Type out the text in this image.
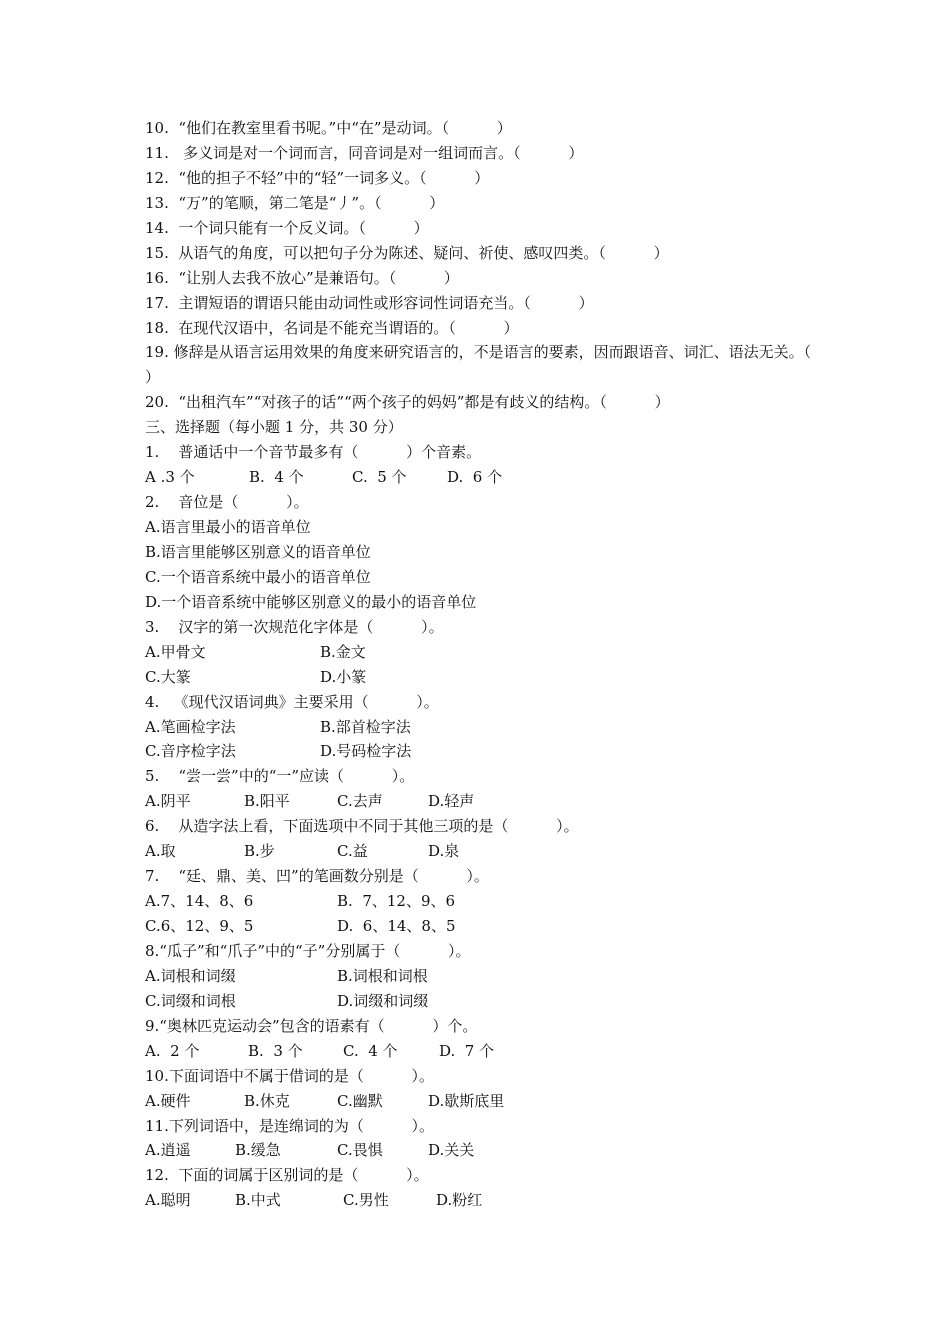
10.  “他们在教室里看书呢。”中“在”是动词。（          ）
11.   多义词是对一个词而言，同音词是对一组词而言。（          ）
12.  “他的担子不轻”中的“轻”一词多义。（          ）
13.  “万”的笔顺，第二笔是“丿”。（          ）
14.  一个词只能有一个反义词。（          ）
15.  从语气的角度，可以把句子分为陈述、疑问、祈使、感叹四类。（          ）
16.  “让别人去我不放心”是兼语句。（          ）
17.  主谓短语的谓语只能由动词性或形容词性词语充当。（          ）
18.  在现代汉语中，名词是不能充当谓语的。（          ）
19. 修辞是从语言运用效果的角度来研究语言的，不是语言的要素，因而跟语音、词汇、语法无关。（ ）
20.  “出租汽车”“对孩子的话”“两个孩子的妈妈”都是有歧义的结构。（          ）
三、选择题（每小题 1 分，共 30 分）
1.    普通话中一个音节最多有（          ）个音素。
A .3 个	B.  4 个	C.  5 个	D.  6 个
2.    音位是（          ）。
A.语言里最小的语音单位
B.语言里能够区别意义的语音单位
C.一个语音系统中最小的语音单位
D.一个语音系统中能够区别意义的最小的语音单位
3.    汉字的第一次规范化字体是（          ）。
A.甲骨文	B.金文
C.大篆	D.小篆
4.   《现代汉语词典》主要采用（          ）。
A.笔画检字法	B.部首检字法
C.音序检字法	D.号码检字法
5.    “尝一尝”中的“一”应读（          ）。
A.阴平	B.阳平	C.去声	D.轻声
6.    从造字法上看，下面选项中不同于其他三项的是（          ）。
A.取	B.步	C.益	D.泉
7.    “廷、鼎、美、凹”的笔画数分别是（          ）。
A.7、14、8、6	B.  7、12、9、6
C.6、12、9、5	D.  6、14、8、5
8.“瓜子”和“爪子”中的“子”分别属于（          ）。
A.词根和词缀	B.词根和词根
C.词缀和词根	D.词缀和词缀
9.“奥林匹克运动会”包含的语素有（          ）个。
A.  2 个	B.  3 个	C.  4 个	D.  7 个
10.下面词语中不属于借词的是（          ）。
A.硬件	B.休克	C.幽默	D.歇斯底里
11.下列词语中，是连绵词的为（          ）。
A.逍遥	B.缓急	C.畏惧	D.关关
12.  下面的词属于区别词的是（          ）。
A.聪明	B.中式	C.男性	D.粉红
